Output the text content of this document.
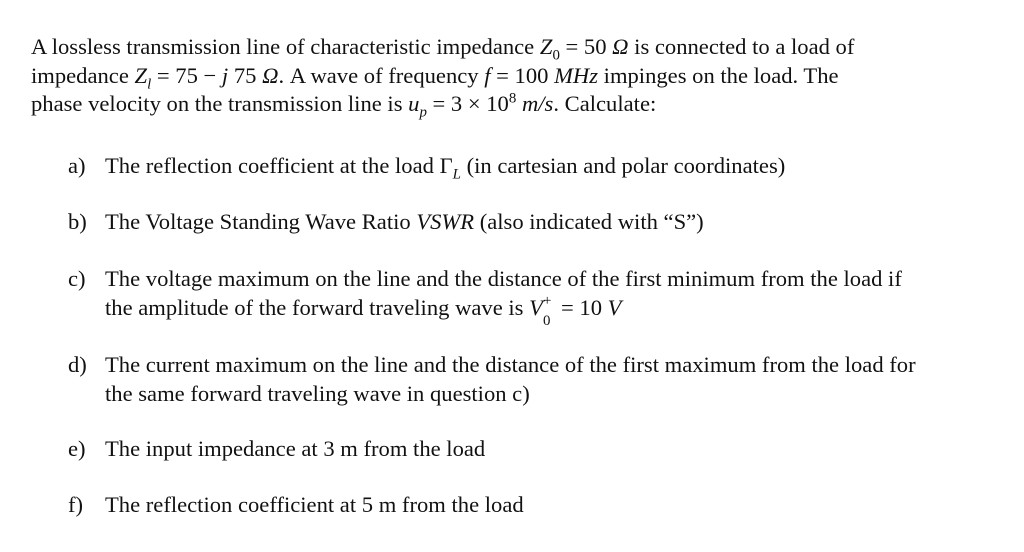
A lossless transmission line of characteristic impedance $Z_0 = 50$ Ω is connected to a load of
impedance $Z_l = 75 - j$ 75 Ω. A wave of frequency f = 100 MHz impinges on the load. The
phase velocity on the transmission line is $u_p = 3 \times 10^8$ m/s. Calculate:

a) The reflection coefficient at the load $\Gamma_L$ (in cartesian and polar coordinates)
b) The Voltage Standing Wave Ratio VSWR (also indicated with “S”)
c) The voltage maximum on the line and the distance of the first minimum from the load if
the amplitude of the forward traveling wave is V +
0
= 10 V
d) The current maximum on the line and the distance of the first maximum from the load for
the same forward traveling wave in question c)
e) The input impedance at 3 m from the load
f) The reflection coefficient at 5 m from the load
